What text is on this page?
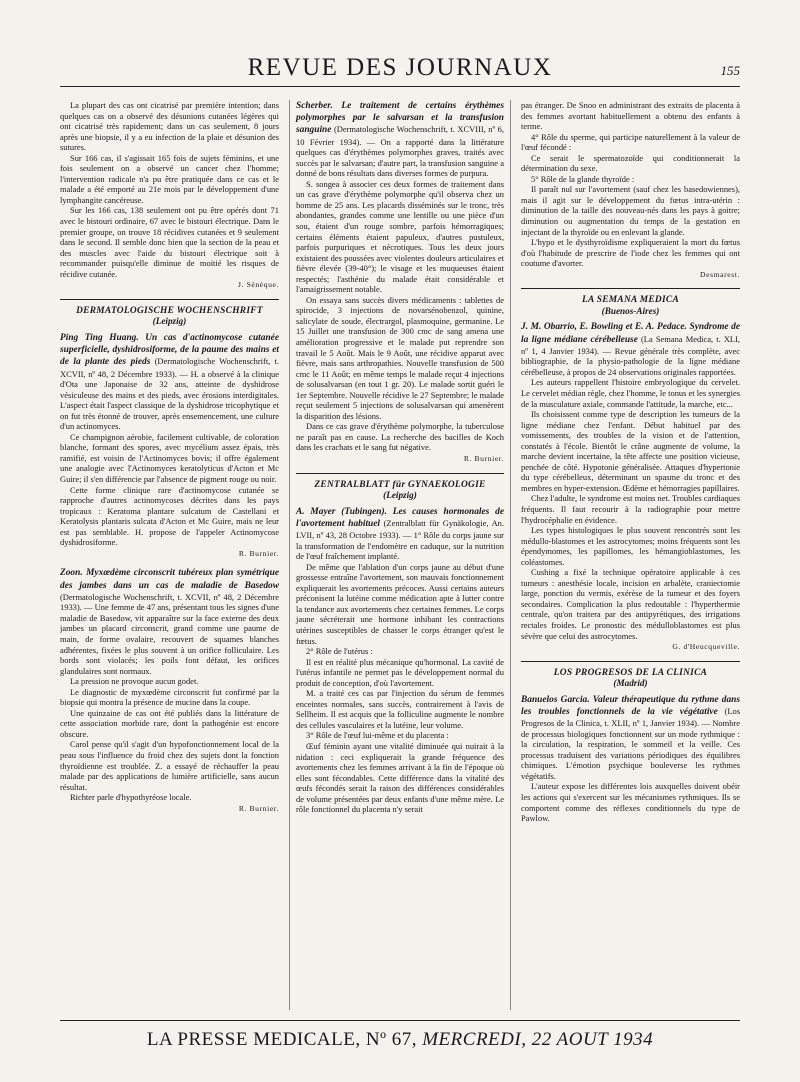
REVUE DES JOURNAUX	155

La plupart des cas ont cicatrisé par première intention; dans quelques cas on a observé des désunions cutanées légères qui ont cicatrisé très rapidement; dans un cas seulement, 8 jours après une biopsie, il y a eu infection de la plaie et désunion des sutures.

Sur 166 cas, il s'agissait 165 fois de sujets féminins, et une fois seulement on a observé un cancer chez l'homme; l'intervention radicale n'a pu être pratiquée dans ce cas et le malade a été emporté au 21e mois par le développement d'une lymphangite cancéreuse.

Sur les 166 cas, 138 seulement ont pu être opérés dont 71 avec le bistouri ordinaire, 67 avec le bistouri électrique. Dans le premier groupe, on trouve 18 récidives cutanées et 9 seulement dans le second. Il semble donc bien que la section de la peau et des muscles avec l'aide du bistouri électrique soit à recommander puisqu'elle diminue de moitié les risques de récidive cutanée.

J. Sénèque.
DERMATOLOGISCHE WOCHENSCHRIFT
(Leipzig)

Ping Ting Huang. Un cas d'actinomycose cutanée superficielle, dyshidrosiforme, de la paume des mains et de la plante des pieds (Dermatologische Wochenschrift, t. XCVII, nº 48, 2 Décembre 1933). — H. a observé à la clinique d'Ota une Japonaise de 32 ans, atteinte de dyshidrose vésiculeuse des mains et des pieds, avec érosions interdigitales. L'aspect était l'aspect classique de la dyshidrose tricophytique et on fut très étonné de trouver, après ensemencement, une culture d'un actinomyces.

Ce champignon aérobie, facilement cultivable, de coloration blanche, formant des spores, avec mycélium assez épais, très ramifié, est voisin de l'Actinomyces bovis; il offre également une analogie avec l'Actinomyces keratolyticus d'Acton et Mc Guire; il s'en différencie par l'absence de pigment rouge ou noir.

Cette forme clinique rare d'actinomycose cutanée se rapproche d'autres actinomycoses décrites dans les pays tropicaux : Keratoma plantare sulcatum de Castellani et Keratolysis plantaris sulcata d'Acton et Mc Guire, mais ne leur est pas semblable. H. propose de l'appeler Actinomycose dyshidrosiforme.

R. Burnier.

Zoon. Myxœdème circonscrit tubéreux plan symétrique des jambes dans un cas de maladie de Basedow (Dermatologische Wochenschrift, t. XCVII, nº 48, 2 Décembre 1933). — Une femme de 47 ans, présentant tous les signes d'une maladie de Basedow, vit apparaître sur la face externe des deux jambes un placard circonscrit, grand comme une paume de main, de forme ovalaire, recouvert de squames blanches adhérentes, fixées le plus souvent à un orifice folliculaire. Les bords sont violacés; les poils font défaut, les orifices glandulaires sont normaux.

La pression ne provoque aucun godet.

Le diagnostic de myxœdème circonscrit fut confirmé par la biopsie qui montra la présence de mucine dans la coupe.

Une quinzaine de cas ont été publiés dans la littérature de cette association morbide rare, dont la pathogénie est encore obscure.

Carol pense qu'il s'agit d'un hypofonctionnement local de la peau sous l'influence du froid chez des sujets dont la fonction thyroïdienne est troublée. Z. a essayé de réchauffer la peau malade par des applications de lumière artificielle, sans aucun résultat.

Richter parle d'hypothyréose locale.

R. Burnier.

Scherber. Le traitement de certains érythèmes polymorphes par le salvarsan et la transfusion sanguine (Dermatologische Wochenschrift, t. XCVIII, nº 6, 10 Février 1934). — On a rapporté dans la littérature quelques cas d'érythèmes polymorphes graves, traités avec succès par le salvarsan; d'autre part, la transfusion sanguine a donné de bons résultats dans diverses formes de purpura.

S. songea à associer ces deux formes de traitement dans un cas grave d'érythème polymorphe qu'il observa chez un homme de 25 ans. Les placards disséminés sur le tronc, très abondantes, grandes comme une lentille ou une pièce d'un sou, étaient d'un rouge sombre, parfois hémorragiques; certains éléments étaient papuleux, d'autres pustuleux, parfois purpuriques et nécrotiques. Tous les deux jours existaient des poussées avec violentes douleurs articulaires et fièvre élevée (39-40°); le visage et les muqueuses étaient respectés; l'asthénie du malade était considérable et l'amaigrissement notable.

On essaya sans succès divers médicaments : tablettes de spirocide, 3 injections de novarsénobenzol, quinine, salicylate de soude, électrargol, plasmoquine, germanine. Le 15 Juillet une transfusion de 300 cmc de sang amena une amélioration progressive et le malade put reprendre son travail le 5 Août. Mais le 9 Août, une récidive apparut avec fièvre, mais sans arthropathies. Nouvelle transfusion de 500 cmc le 11 Août; en même temps le malade reçut 4 injections de solusalvarsan (en tout 1 gr. 20). Le malade sortit guéri le 1er Septembre. Nouvelle récidive le 27 Septembre; le malade reçut seulement 5 injections de solusalvarsan qui amenèrent la disparition des lésions.

Dans ce cas grave d'érythème polymorphe, la tuberculose ne paraît pas en cause. La recherche des bacilles de Koch dans les crachats et le sang fut négative.

R. Burnier.
ZENTRALBLATT für GYNAEKOLOGIE
(Leipzig)

A. Mayer (Tubingen). Les causes hormonales de l'avortement habituel (Zentralblatt für Gynäkologie, An. LVII, nº 43, 28 Octobre 1933). — 1° Rôle du corps jaune sur la transformation de l'endomètre en caduque, sur la nutrition de l'œuf fraîchement implanté.

De même que l'ablation d'un corps jaune au début d'une grossesse entraîne l'avortement, son mauvais fonctionnement expliquerait les avortements précoces. Aussi certains auteurs préconisent la lutéine comme médication apte à lutter contre la tendance aux avortements chez certaines femmes. Le corps jaune sécréterait une hormone inhibant les contractions utérines susceptibles de chasser le corps étranger qu'est le fœtus.

2° Rôle de l'utérus :

Il est en réalité plus mécanique qu'hormonal. La cavité de l'utérus infantile ne permet pas le développement normal du produit de conception, d'où l'avortement.

M. a traité ces cas par l'injection du sérum de femmes enceintes normales, sans succès, contrairement à l'avis de Sellheim. Il est acquis que la folliculine augmente le nombre des cellules vasculaires et la lutéine, leur volume.

3° Rôle de l'œuf lui-même et du placenta :

Œuf féminin ayant une vitalité diminuée qui nuirait à la nidation : ceci expliquerait la grande fréquence des avortements chez les femmes arrivant à la fin de l'époque où elles sont fécondables. Cette différence dans la vitalité des œufs fécondés serait la raison des différences considérables de volume présentées par deux enfants d'une même mère. Le rôle fonctionnel du placenta n'y serait

pas étranger. De Snoo en administrant des extraits de placenta à des femmes avortant habituellement a obtenu des enfants à terme.

4° Rôle du sperme, qui participe naturellement à la valeur de l'œuf fécondé :

Ce serait le spermatozoïde qui conditionnerait la détermination du sexe.

5° Rôle de la glande thyroïde :

Il paraît nul sur l'avortement (sauf chez les basedowiennes), mais il agit sur le développement du fœtus intra-utérin : diminution de la taille des nouveau-nés dans les pays à goitre; diminution ou augmentation du temps de la gestation en injectant de la thyroïde ou en enlevant la glande.

L'hypo et le dysthyroïdisme expliqueraient la mort du fœtus d'où l'habitude de prescrire de l'iode chez les femmes qui ont coutume d'avorter.

Desmarest.
LA SEMANA MEDICA
(Buenos-Aires)

J. M. Obarrio, E. Bowling et E. A. Pedace. Syndrome de la ligne médiane cérébelleuse (La Semana Medica, t. XLI, nº 1, 4 Janvier 1934). — Revue générale très complète, avec bibliographie, de la physio-pathologie de la ligne médiane cérébelleuse, à propos de 24 observations originales rapportées.

Les auteurs rappellent l'histoire embryologique du cervelet. Le cervelet médian règle, chez l'homme, le tonus et les synergies de la musculature axiale, commande l'attitude, la marche, etc...

Ils choisissent comme type de description les tumeurs de la ligne médiane chez l'enfant. Début habituel par des vomissements, des troubles de la vision et de l'attention, constatés à l'école. Bientôt le crâne augmente de volume, la marche devient incertaine, la tête affecte une position vicieuse, penchée de côté. Hypotonie généralisée. Attaques d'hypertonie du type cérébelleux, déterminant un spasme du tronc et des membres en hyper-extension. Œdème et hémorragies papillaires.

Chez l'adulte, le syndrome est moins net. Troubles cardiaques fréquents. Il faut recourir à la radiographie pour mettre l'hydrocéphalie en évidence.

Les types histologiques le plus souvent rencontrés sont les médullo-blastomes et les astrocytomes; moins fréquents sont les épendymomes, les papillomes, les hémangioblastomes, les coléastomes.

Cushing a fixé la technique opératoire applicable à ces tumeurs : anesthésie locale, incision en arbalète, craniectomie large, ponction du vermis, exérèse de la tumeur et des foyers secondaires. Complication la plus redoutable : l'hyperthermie centrale, qu'on traitera par des antipyrétiques, des irrigations rectales froides. Le pronostic des médulloblastomes est plus sévère que celui des astrocytomes.

G. d'Heucqueville.
LOS PROGRESOS DE LA CLINICA
(Madrid)

Banuelos Garcia. Valeur thérapeutique du rythme dans les troubles fonctionnels de la vie végétative (Los Progresos de la Clinica, t. XLII, nº 1, Janvier 1934). — Nombre de processus biologiques fonctionnent sur un mode rythmique : la circulation, la respiration, le sommeil et la veille. Ces processus traduisent des variations périodiques des équilibres chimiques. L'émotion psychique bouleverse les rythmes végétatifs.

L'auteur expose les différentes lois auxquelles doivent obéir les actions qui s'exercent sur les mécanismes rythmiques. Ils se comportent comme des réflexes conditionnels du type de Pawlow.

LA PRESSE MEDICALE, Nº 67, MERCREDI, 22 AOUT 1934
